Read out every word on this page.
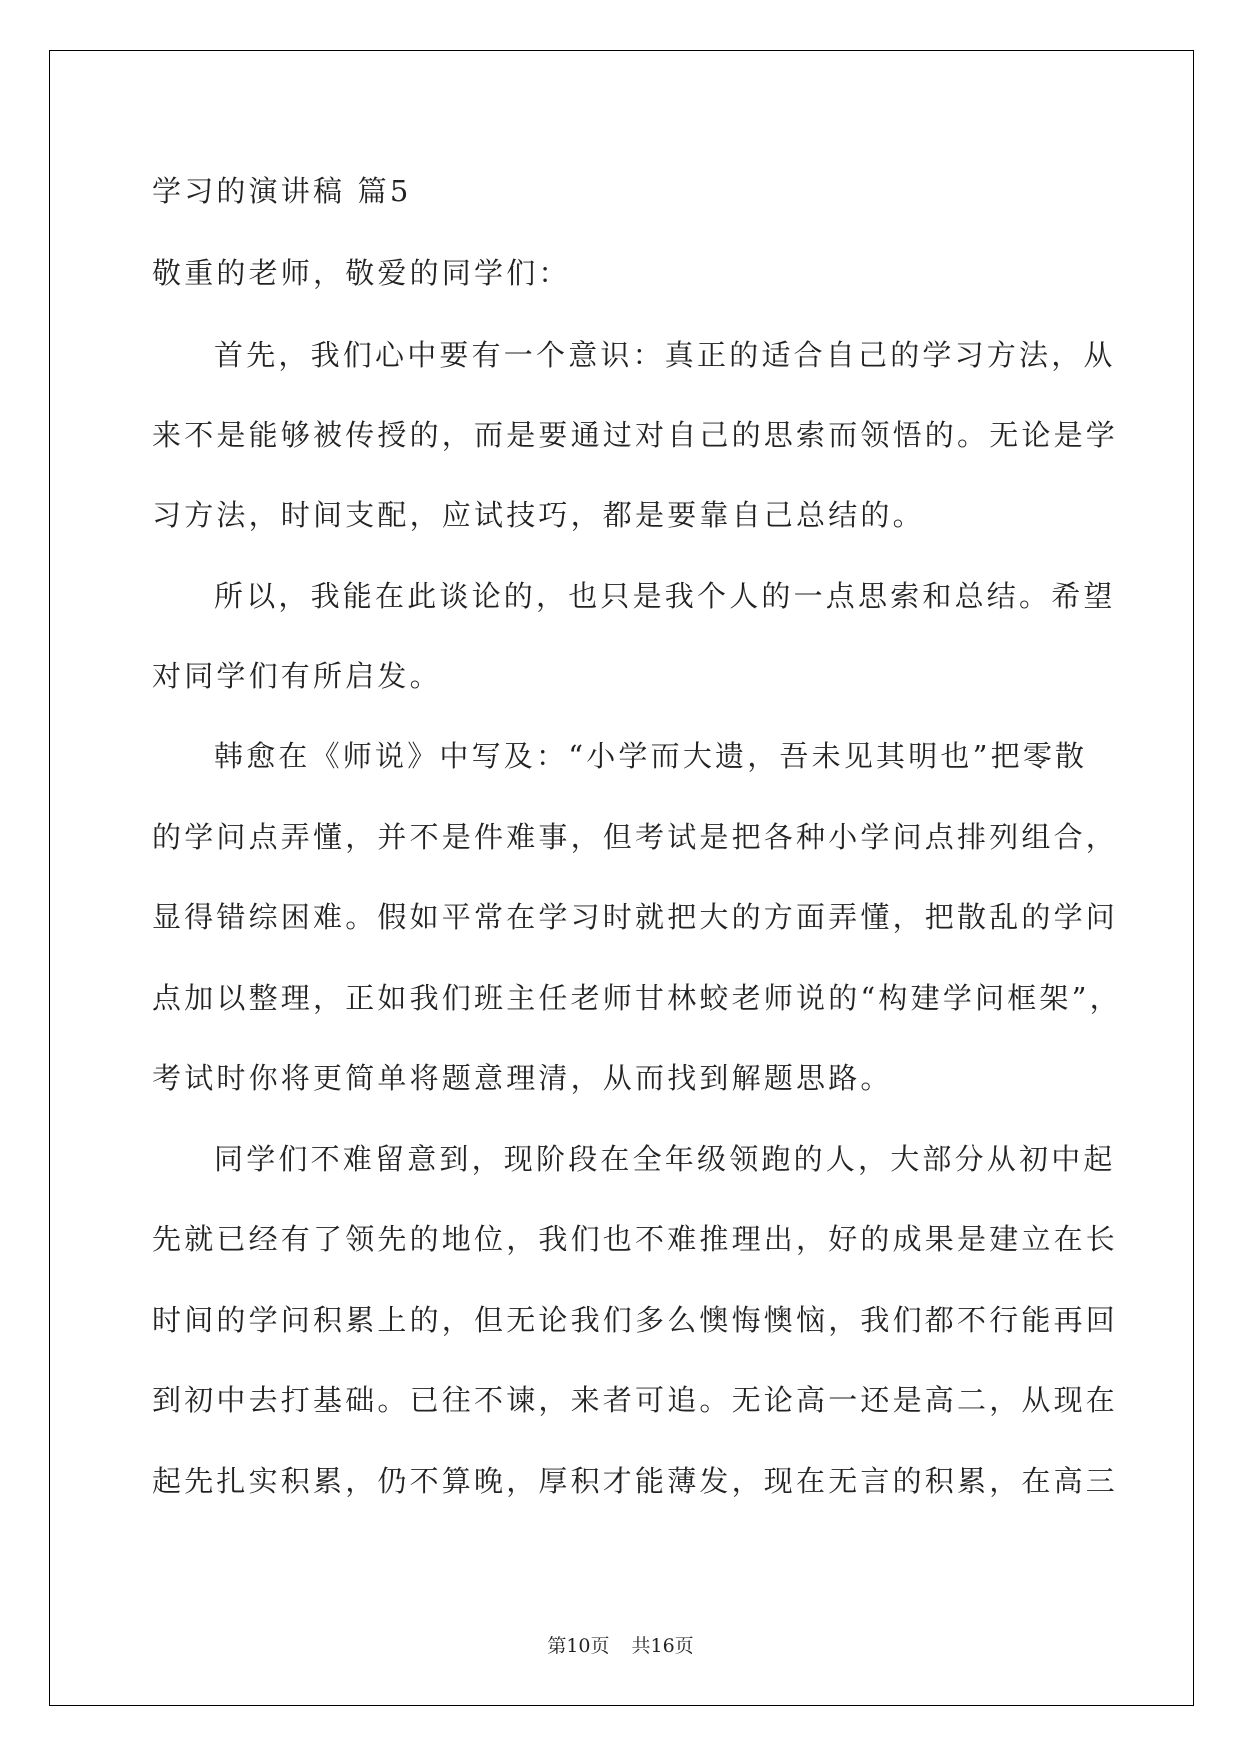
学习的演讲稿 篇5
敬重的老师，敬爱的同学们：
首先，我们心中要有一个意识：真正的适合自己的学习方法，从
来不是能够被传授的，而是要通过对自己的思索而领悟的。无论是学
习方法，时间支配，应试技巧，都是要靠自己总结的。
所以，我能在此谈论的，也只是我个人的一点思索和总结。希望
对同学们有所启发。
韩愈在《师说》中写及：“小学而大遗，吾未见其明也”把零散
的学问点弄懂，并不是件难事，但考试是把各种小学问点排列组合，
显得错综困难。假如平常在学习时就把大的方面弄懂，把散乱的学问
点加以整理，正如我们班主任老师甘林蛟老师说的“构建学问框架”，
考试时你将更简单将题意理清，从而找到解题思路。
同学们不难留意到，现阶段在全年级领跑的人，大部分从初中起
先就已经有了领先的地位，我们也不难推理出，好的成果是建立在长
时间的学问积累上的，但无论我们多么懊悔懊恼，我们都不行能再回
到初中去打基础。已往不谏，来者可追。无论高一还是高二，从现在
起先扎实积累，仍不算晚，厚积才能薄发，现在无言的积累，在高三
第10页 共16页
